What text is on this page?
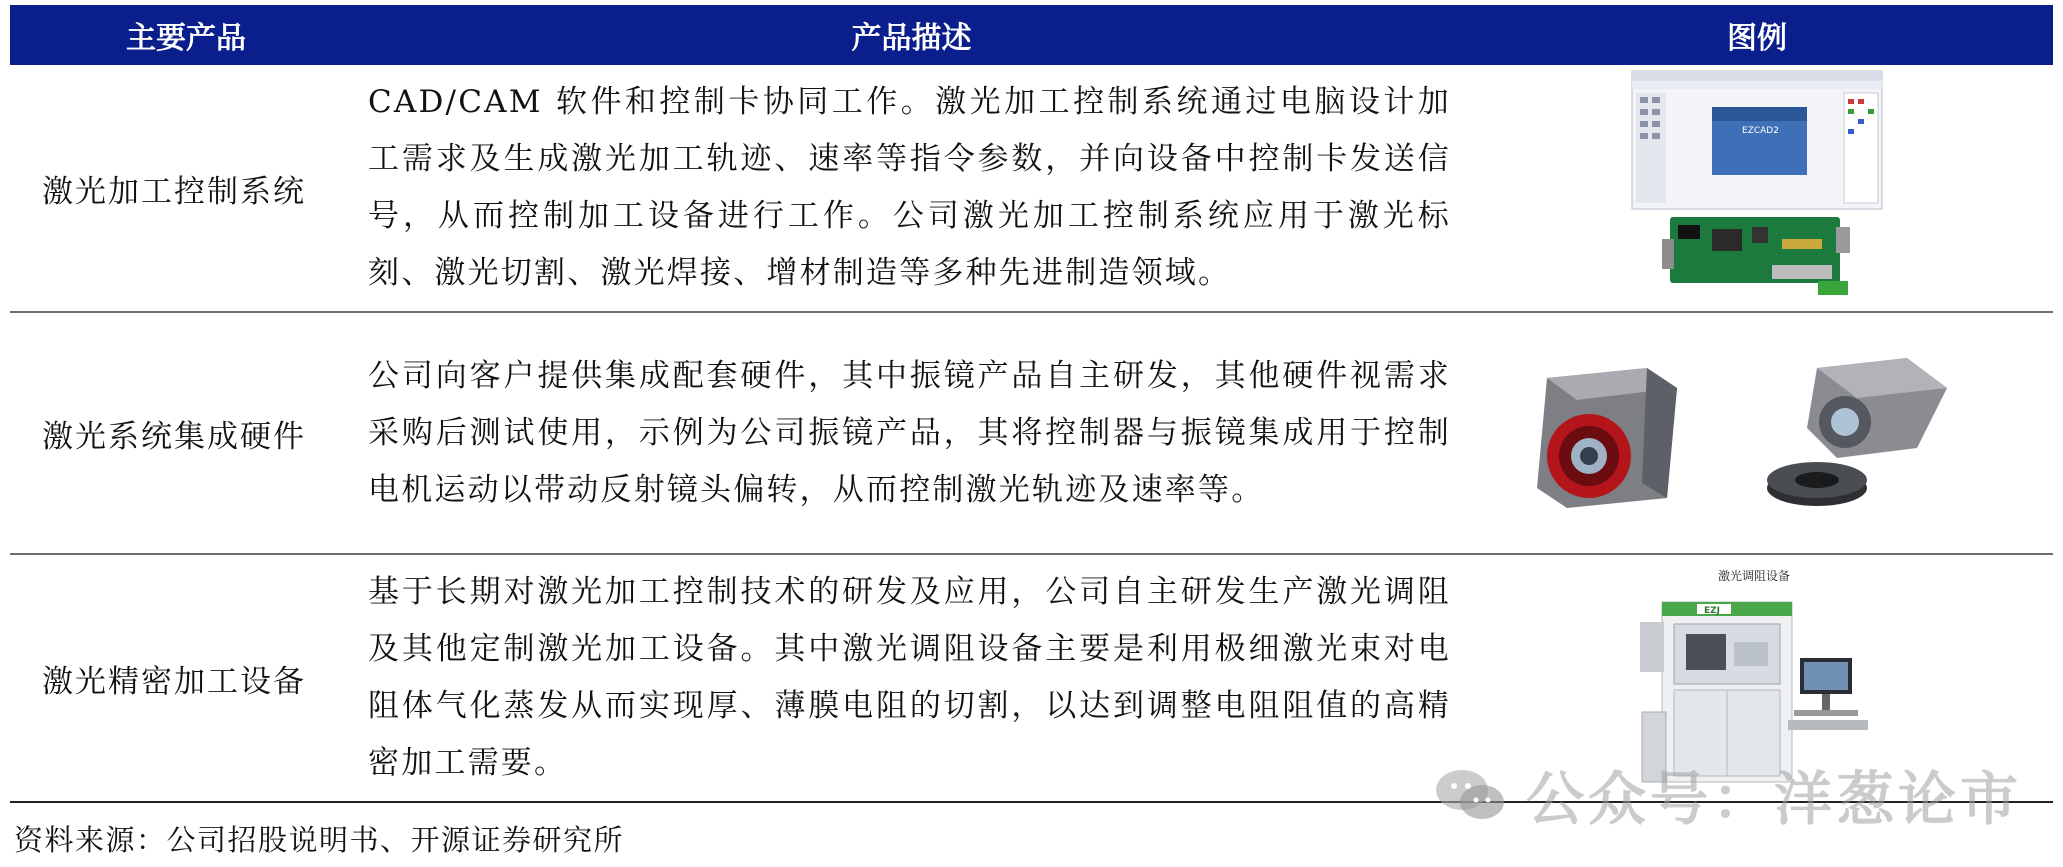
主要产品	产品描述	图例
激光加工控制系统

CAD/CAM 软件和控制卡协同工作。激光加工控制系统通过电脑设计加工需求及生成激光加工轨迹、速率等指令参数，并向设备中控制卡发送信号，从而控制加工设备进行工作。公司激光加工控制系统应用于激光标刻、激光切割、激光焊接、增材制造等多种先进制造领域。

EZCAD2
激光系统集成硬件

公司向客户提供集成配套硬件，其中振镜产品自主研发，其他硬件视需求采购后测试使用，示例为公司振镜产品，其将控制器与振镜集成用于控制电机运动以带动反射镜头偏转，从而控制激光轨迹及速率等。

激光精密加工设备

基于长期对激光加工控制技术的研发及应用，公司自主研发生产激光调阻及其他定制激光加工设备。其中激光调阻设备主要是利用极细激光束对电阻体气化蒸发从而实现厚、薄膜电阻的切割，以达到调整电阻阻值的高精密加工需要。

激光调阻设备
EZJ
资料来源：公司招股说明书、开源证券研究所
公众号：洋葱论市
